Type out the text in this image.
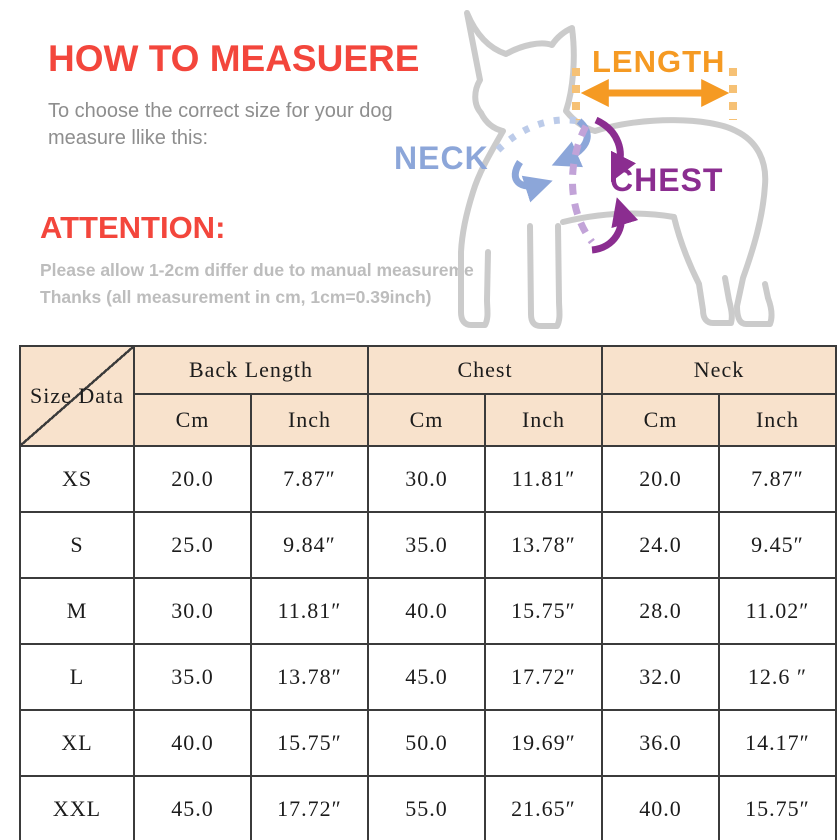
HOW TO MEASUERE

To choose the correct size for your dog
measure llike this:

ATTENTION:

Please allow 1-2cm differ due to manual measureme
Thanks (all measurement in cm, 1cm=0.39inch)

LENGTH
NECK
CHEST
Size Data	Back Length		Chest		Neck	
	Cm	Inch	Cm	Inch	Cm	Inch
XS	20.0	7.87″	30.0	11.81″	20.0	7.87″
S	25.0	9.84″	35.0	13.78″	24.0	9.45″
M	30.0	11.81″	40.0	15.75″	28.0	11.02″
L	35.0	13.78″	45.0	17.72″	32.0	12.6 ″
XL	40.0	15.75″	50.0	19.69″	36.0	14.17″
XXL	45.0	17.72″	55.0	21.65″	40.0	15.75″
